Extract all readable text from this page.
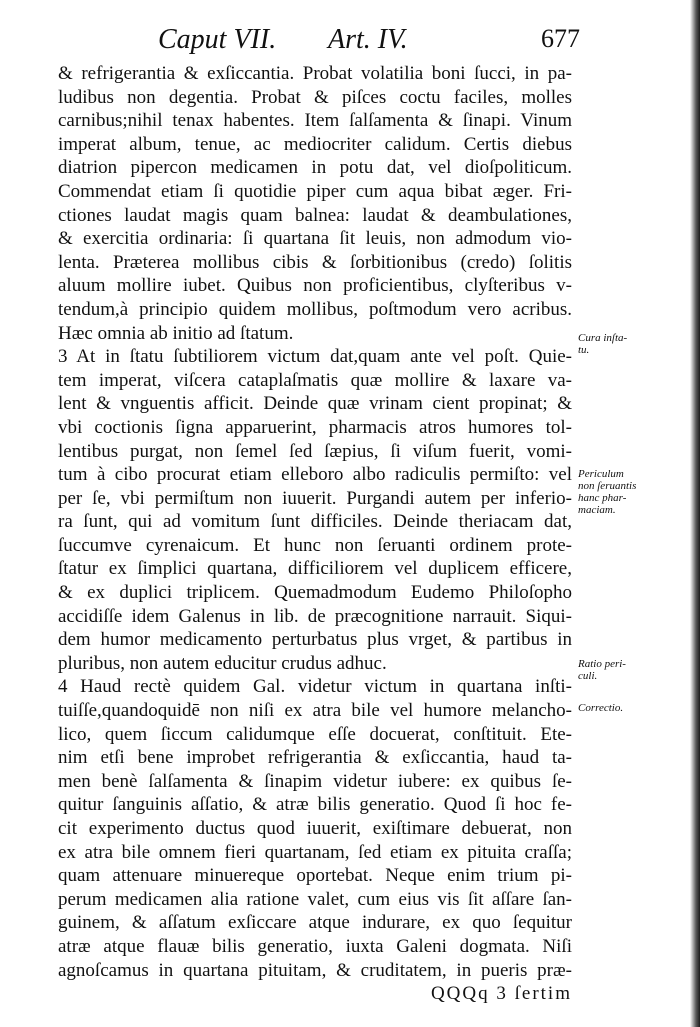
Caput VII. Art. IV.	677
& refrigerantia & exſiccantia. Probat volatilia boni ſucci, in pa-
ludibus non degentia. Probat & piſces coctu faciles, molles
carnibus;nihil tenax habentes. Item ſalſamenta & ſinapi. Vinum
imperat album, tenue, ac mediocriter calidum. Certis diebus
diatrion pipercon medicamen in potu dat, vel dioſpoliticum.
Commendat etiam ſi quotidie piper cum aqua bibat æger. Fri-
ctiones laudat magis quam balnea: laudat & deambulationes,
& exercitia ordinaria: ſi quartana ſit leuis, non admodum vio-
lenta. Præterea mollibus cibis & ſorbitionibus (credo) ſolitis
aluum mollire iubet. Quibus non proficientibus, clyſteribus v-
tendum,à principio quidem mollibus, poſtmodum vero acribus.
Hæc omnia ab initio ad ſtatum.
3 At in ſtatu ſubtiliorem victum dat,quam ante vel poſt. Quie-
tem imperat, viſcera cataplaſmatis quæ mollire & laxare va-
lent & vnguentis afficit. Deinde quæ vrinam cient propinat; &
vbi coctionis ſigna apparuerint, pharmacis atros humores tol-
lentibus purgat, non ſemel ſed ſæpius, ſi viſum fuerit, vomi-
tum à cibo procurat etiam elleboro albo radiculis permiſto: vel
per ſe, vbi permiſtum non iuuerit. Purgandi autem per inferio-
ra ſunt, qui ad vomitum ſunt difficiles. Deinde theriacam dat,
ſuccumve cyrenaicum. Et hunc non ſeruanti ordinem prote-
ſtatur ex ſimplici quartana, difficiliorem vel duplicem efficere,
& ex duplici triplicem. Quemadmodum Eudemo Philoſopho
accidiſſe idem Galenus in lib. de præcognitione narrauit. Siqui-
dem humor medicamento perturbatus plus vrget, & partibus in
pluribus, non autem educitur crudus adhuc.
4 Haud rectè quidem Gal. videtur victum in quartana inſti-
tuiſſe,quandoquidē non niſi ex atra bile vel humore melancho-
lico, quem ſiccum calidumque eſſe docuerat, conſtituit. Ete-
nim etſi bene improbet refrigerantia & exſiccantia, haud ta-
men benè ſalſamenta & ſinapim videtur iubere: ex quibus ſe-
quitur ſanguinis aſſatio, & atræ bilis generatio. Quod ſi hoc fe-
cit experimento ductus quod iuuerit, exiſtimare debuerat, non
ex atra bile omnem fieri quartanam, ſed etiam ex pituita craſſa;
quam attenuare minuereque oportebat. Neque enim trium pi-
perum medicamen alia ratione valet, cum eius vis ſit aſſare ſan-
guinem, & aſſatum exſiccare atque indurare, ex quo ſequitur
atræ atque flauæ bilis generatio, iuxta Galeni dogmata. Niſi
agnoſcamus in quartana pituitam, & cruditatem, in pueris præ-
QQQq 3 ſertim
Cura inſta-
tu.
Periculum
non ſeruantis
hanc phar-
maciam.
Ratio peri-
culi.
Correctio.
